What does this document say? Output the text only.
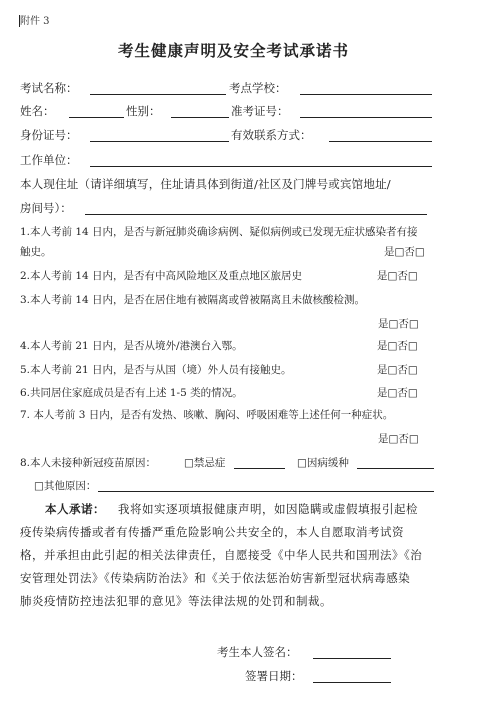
附件 3
考生健康声明及安全考试承诺书
考试名称：	考点学校：
姓名：	性别：	准考证号：
身份证号：	有效联系方式：
工作单位：
本人现住址（请详细填写，住址请具体到街道/社区及门牌号或宾馆地址/
房间号）：
1.本人考前 14 日内，是否与新冠肺炎确诊病例、疑似病例或已发现无症状感染者有接
触史。	是□否□
2.本人考前 14 日内，是否有中高风险地区及重点地区旅居史	是□否□
3.本人考前 14 日内，是否在居住地有被隔离或曾被隔离且未做核酸检测。
是□否□
4.本人考前 21 日内，是否从境外/港澳台入鄂。	是□否□
5.本人考前 21 日内，是否与从国（境）外人员有接触史。	是□否□
6.共同居住家庭成员是否有上述 1-5 类的情况。	是□否□
7. 本人考前 3 日内，是否有发热、咳嗽、胸闷、呼吸困难等上述任何一种症状。
是□否□
8.本人未接种新冠疫苗原因：	□禁忌症	□因病缓种
□其他原因：
本人承诺： 我将如实逐项填报健康声明，如因隐瞒或虚假填报引起检
疫传染病传播或者有传播严重危险影响公共安全的，本人自愿取消考试资
格，并承担由此引起的相关法律责任，自愿接受《中华人民共和国刑法》《治
安管理处罚法》《传染病防治法》和《关于依法惩治妨害新型冠状病毒感染
肺炎疫情防控违法犯罪的意见》等法律法规的处罚和制裁。
考生本人签名：
签署日期：
